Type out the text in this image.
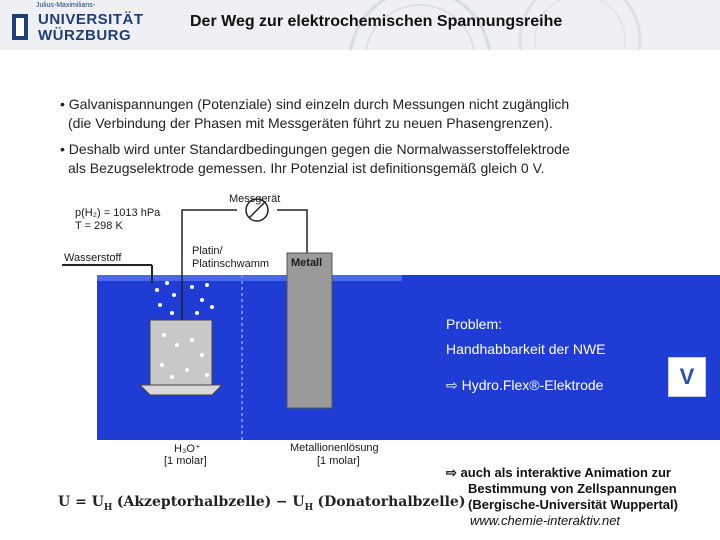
Julius-Maximilians-
UNIVERSITÄT
WÜRZBURG
Der Weg zur elektrochemischen Spannungsreihe
• Galvanispannungen (Potenziale) sind einzeln durch Messungen nicht zugänglich
(die Verbindung der Phasen mit Messgeräten führt zu neuen Phasengrenzen).
• Deshalb wird unter Standardbedingungen gegen die Normalwasserstoffelektrode
als Bezugselektrode gemessen. Ihr Potenzial ist definitionsgemäß gleich 0 V.
p(H₂) = 1013 hPa
T = 298 K
Messgerät
Wasserstoff
Platin/
Platinschwamm Metall
H₃O⁺
[1 molar]
Metallionenlösung
[1 molar]
Problem:
Handhabbarkeit der NWE
⇨ Hydro.Flex®-Elektrode	V
⇨ auch als interaktive Animation zur
Bestimmung von Zellspannungen
(Bergische-Universität Wuppertal)
www.chemie-interaktiv.net
$U = U_H$ (Akzeptorhalbzelle) − $U_H$ (Donatorhalbzelle)
